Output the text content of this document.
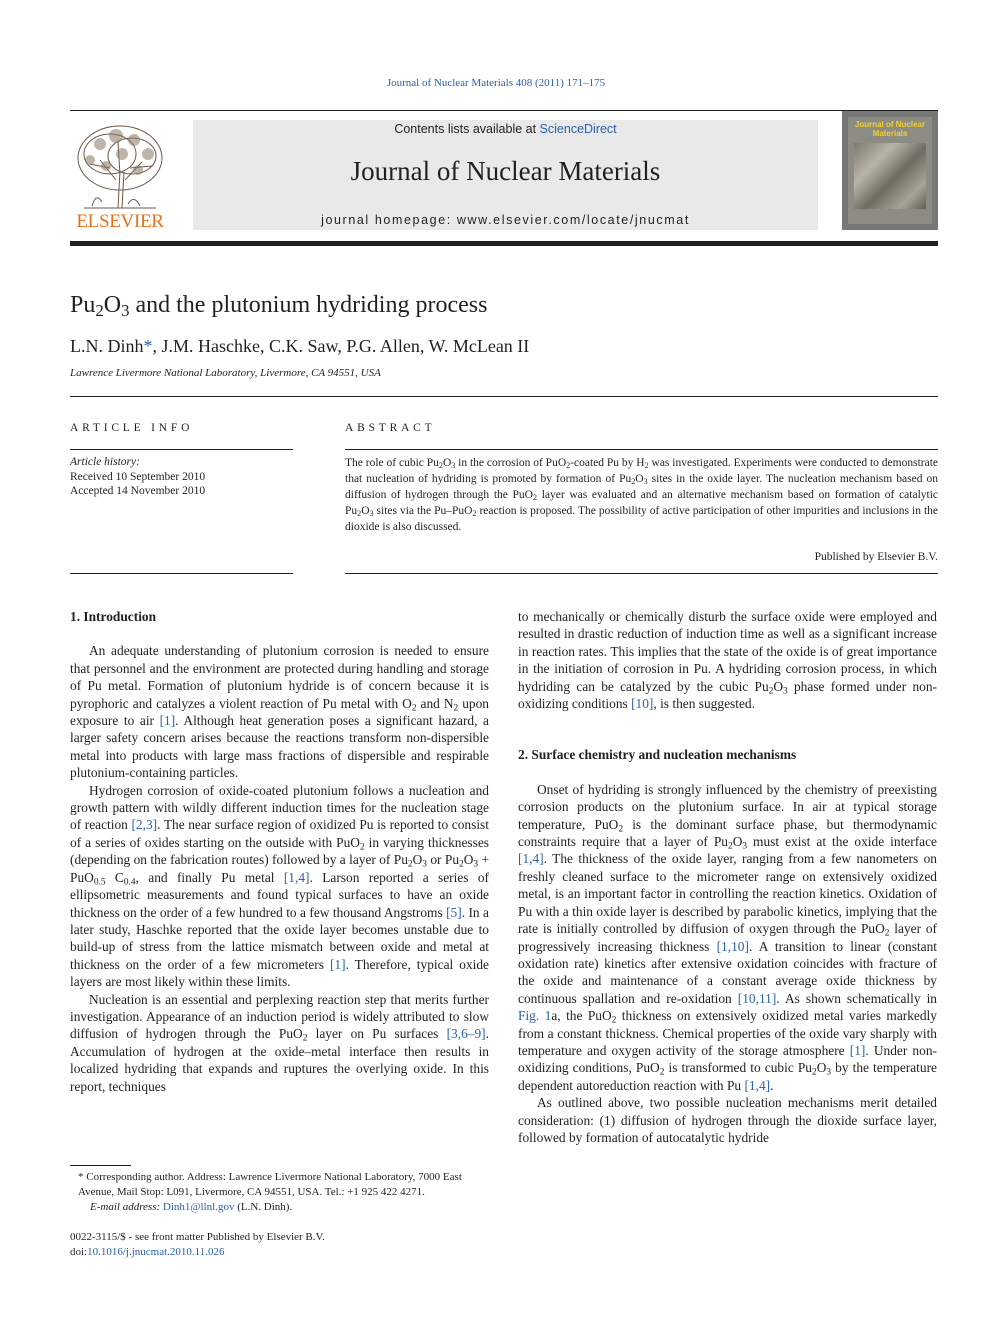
Journal of Nuclear Materials 408 (2011) 171–175
ELSEVIER
Contents lists available at ScienceDirect
Journal of Nuclear Materials
journal homepage: www.elsevier.com/locate/jnucmat
Journal of Nuclear Materials
$Pu_2O_3$ and the plutonium hydriding process
L.N. Dinh*, J.M. Haschke, C.K. Saw, P.G. Allen, W. McLean II
Lawrence Livermore National Laboratory, Livermore, CA 94551, USA
ARTICLE INFO	ABSTRACT
Article history:
Received 10 September 2010
Accepted 14 November 2010
The role of cubic $Pu_2O_3$ in the corrosion of PuO$_2$-coated Pu by $H_2$ was investigated. Experiments were conducted to demonstrate that nucleation of hydriding is promoted by formation of $Pu_2O_3$ sites in the oxide layer. The nucleation mechanism based on diffusion of hydrogen through the PuO$_2$ layer was evaluated and an alternative mechanism based on formation of catalytic $Pu_2O_3$ sites via the Pu–PuO$_2$ reaction is proposed. The possibility of active participation of other impurities and inclusions in the dioxide is also discussed.
Published by Elsevier B.V.
1. Introduction

An adequate understanding of plutonium corrosion is needed to ensure that personnel and the environment are protected during handling and storage of Pu metal. Formation of plutonium hydride is of concern because it is pyrophoric and catalyzes a violent reaction of Pu metal with $O_2$ and $N_2$ upon exposure to air [1]. Although heat generation poses a significant hazard, a larger safety concern arises because the reactions transform non-dispersible metal into products with large mass fractions of dispersible and respirable plutonium-containing particles.

Hydrogen corrosion of oxide-coated plutonium follows a nucleation and growth pattern with wildly different induction times for the nucleation stage of reaction [2,3]. The near surface region of oxidized Pu is reported to consist of a series of oxides starting on the outside with PuO$_2$ in varying thicknesses (depending on the fabrication routes) followed by a layer of $Pu_2O_3$ or $Pu_2O_3 + PuO_{0.5}$ $C_{0.4}$, and finally Pu metal [1,4]. Larson reported a series of ellipsometric measurements and found typical surfaces to have an oxide thickness on the order of a few hundred to a few thousand Angstroms [5]. In a later study, Haschke reported that the oxide layer becomes unstable due to build-up of stress from the lattice mismatch between oxide and metal at thickness on the order of a few micrometers [1]. Therefore, typical oxide layers are most likely within these limits.

Nucleation is an essential and perplexing reaction step that merits further investigation. Appearance of an induction period is widely attributed to slow diffusion of hydrogen through the PuO$_2$ layer on Pu surfaces [3,6–9]. Accumulation of hydrogen at the oxide–metal interface then results in localized hydriding that expands and ruptures the overlying oxide. In this report, techniques

to mechanically or chemically disturb the surface oxide were employed and resulted in drastic reduction of induction time as well as a significant increase in reaction rates. This implies that the state of the oxide is of great importance in the initiation of corrosion in Pu. A hydriding corrosion process, in which hydriding can be catalyzed by the cubic $Pu_2O_3$ phase formed under non-oxidizing conditions [10], is then suggested.

2. Surface chemistry and nucleation mechanisms

Onset of hydriding is strongly influenced by the chemistry of preexisting corrosion products on the plutonium surface. In air at typical storage temperature, PuO$_2$ is the dominant surface phase, but thermodynamic constraints require that a layer of $Pu_2O_3$ must exist at the oxide interface [1,4]. The thickness of the oxide layer, ranging from a few nanometers on freshly cleaned surface to the micrometer range on extensively oxidized metal, is an important factor in controlling the reaction kinetics. Oxidation of Pu with a thin oxide layer is described by parabolic kinetics, implying that the rate is initially controlled by diffusion of oxygen through the PuO$_2$ layer of progressively increasing thickness [1,10]. A transition to linear (constant oxidation rate) kinetics after extensive oxidation coincides with fracture of the oxide and maintenance of a constant average oxide thickness by continuous spallation and re-oxidation [10,11]. As shown schematically in Fig. 1a, the PuO$_2$ thickness on extensively oxidized metal varies markedly from a constant thickness. Chemical properties of the oxide vary sharply with temperature and oxygen activity of the storage atmosphere [1]. Under non-oxidizing conditions, PuO$_2$ is transformed to cubic $Pu_2O_3$ by the temperature dependent autoreduction reaction with Pu [1,4].

As outlined above, two possible nucleation mechanisms merit detailed consideration: (1) diffusion of hydrogen through the dioxide surface layer, followed by formation of autocatalytic hydride

* Corresponding author. Address: Lawrence Livermore National Laboratory, 7000 East Avenue, Mail Stop: L091, Livermore, CA 94551, USA. Tel.: +1 925 422 4271.
E-mail address: Dinh1@llnl.gov (L.N. Dinh).
0022-3115/$ - see front matter Published by Elsevier B.V.
doi:10.1016/j.jnucmat.2010.11.026
